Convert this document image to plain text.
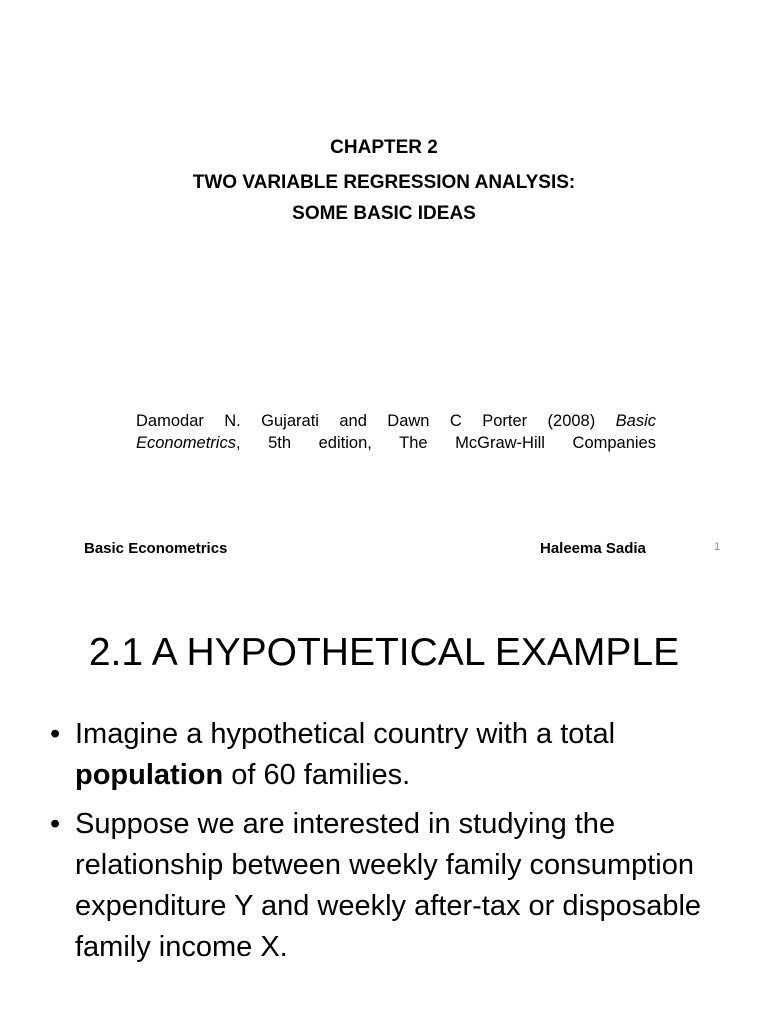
CHAPTER 2
TWO VARIABLE REGRESSION ANALYSIS:
SOME BASIC IDEAS
Damodar N. Gujarati and Dawn C Porter (2008) Basic
Econometrics, 5th edition, The McGraw-Hill Companies
Basic Econometrics	Haleema Sadia	1
2.1 A HYPOTHETICAL EXAMPLE
• Imagine a hypothetical country with a total population of 60 families.
• Suppose we are interested in studying the relationship between weekly family consumption expenditure Y and weekly after-tax or disposable family income X.
